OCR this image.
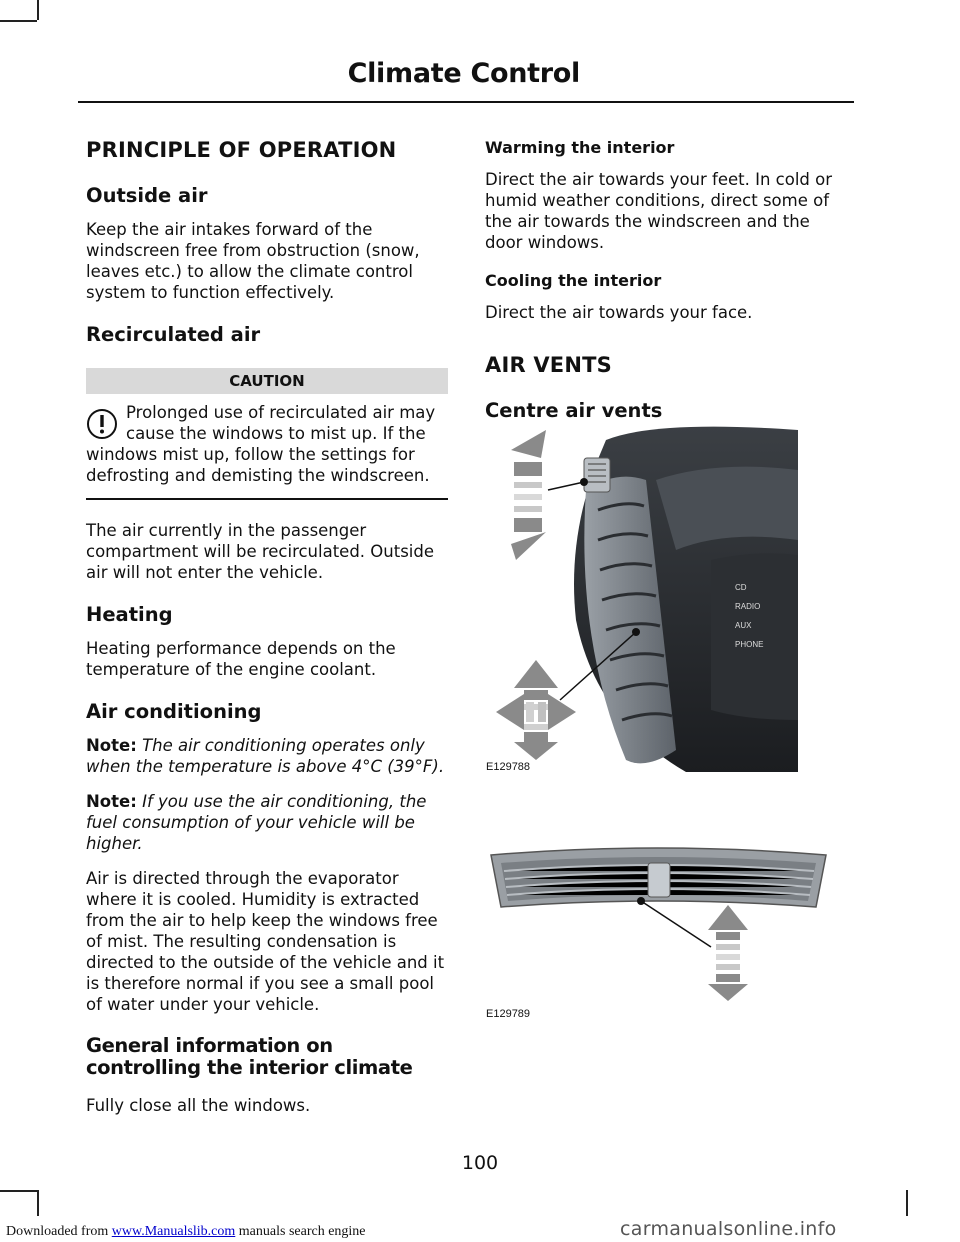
Climate Control
PRINCIPLE OF OPERATION
Outside air

Keep the air intakes forward of the windscreen free from obstruction (snow, leaves etc.) to allow the climate control system to function effectively.

Recirculated air
CAUTION
Prolonged use of recirculated air may cause the windows to mist up. If the windows mist up, follow the settings for defrosting and demisting the windscreen.

The air currently in the passenger compartment will be recirculated. Outside air will not enter the vehicle.

Heating

Heating performance depends on the temperature of the engine coolant.

Air conditioning

Note: The air conditioning operates only when the temperature is above 4°C (39°F).

Note: If you use the air conditioning, the fuel consumption of your vehicle will be higher.

Air is directed through the evaporator where it is cooled. Humidity is extracted from the air to help keep the windows free of mist. The resulting condensation is directed to the outside of the vehicle and it is therefore normal if you see a small pool of water under your vehicle.

General information on controlling the interior climate

Fully close all the windows.

Warming the interior

Direct the air towards your feet. In cold or humid weather conditions, direct some of the air towards the windscreen and the door windows.

Cooling the interior

Direct the air towards your face.

AIR VENTS
Centre air vents
CD
RADIO
AUX
PHONE
E129788
E129789
100
Downloaded from www.Manualslib.com manuals search engine	carmanualsonline.info
